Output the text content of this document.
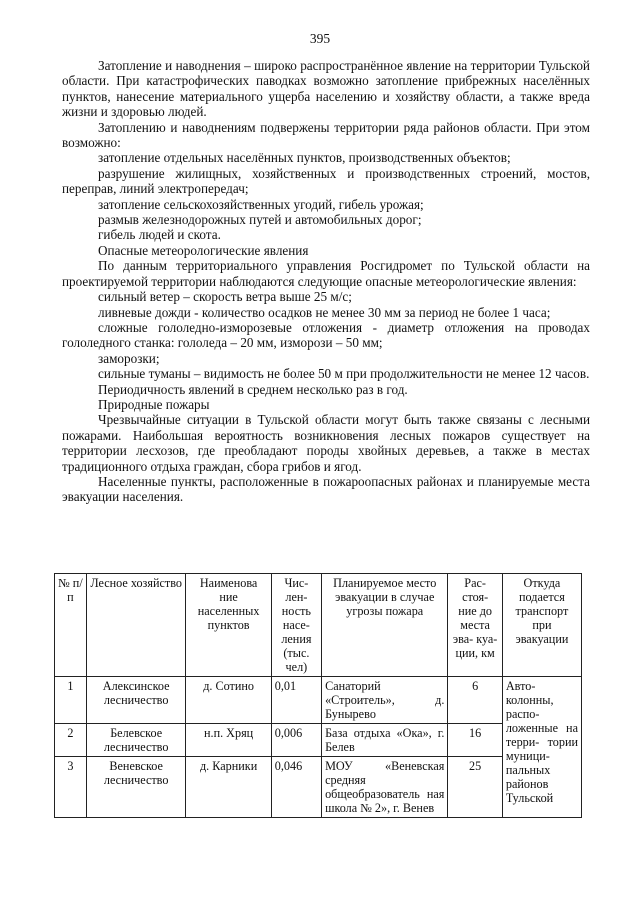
395

Затопление и наводнения – широко распространённое явление на территории Тульской области. При катастрофических паводках возможно затопление прибрежных населённых пунктов, нанесение материального ущерба населению и хозяйству области, а также вреда жизни и здоровью людей.

Затоплению и наводнениям подвержены территории ряда районов области. При этом возможно:

затопление отдельных населённых пунктов, производственных объектов;

разрушение жилищных, хозяйственных и производственных строений, мостов, переправ, линий электропередач;

затопление сельскохозяйственных угодий, гибель урожая;

размыв железнодорожных путей и автомобильных дорог;

гибель людей и скота.

Опасные метеорологические явления

По данным территориального управления Росгидромет по Тульской области на проектируемой территории наблюдаются следующие опасные метеорологические явления:

сильный ветер – скорость ветра выше 25 м/с;

ливневые дожди - количество осадков не менее 30 мм за период не более 1 часа;

сложные гололедно-изморозевые отложения - диаметр отложения на проводах гололедного станка: гололеда – 20 мм, изморози – 50 мм;

заморозки;

сильные туманы – видимость не более 50 м при продолжительности не менее 12 часов.

Периодичность явлений в среднем несколько раз в год.

Природные пожары

Чрезвычайные ситуации в Тульской области могут быть также связаны с лесными пожарами. Наибольшая вероятность возникновения лесных пожаров существует на территории лесхозов, где преобладают породы хвойных деревьев, а также в местах традиционного отдыха граждан, сбора грибов и ягод.

Населенные пункты, расположенные в пожароопасных районах и планируемые места эвакуации населения.

№ п/п	Лесное хозяйство	Наименова ние населенных пунктов	Чис- лен- ность насе- ления (тыс. чел)	Планируемое место эвакуации в случае угрозы пожара	Рас- стоя- ние до места эва- куа- ции, км	Откуда подается транспорт при эвакуации
1	Алексинское лесничество	д. Сотино	0,01	Санаторий «Строитель», д. Буныревo	6	Авто- колонны, распо- ложенные на терри- тории муници- пальных районов Тульской
2	Белевское лесничество	н.п. Хряц	0,006	База отдыха «Ока», г. Белев	16	
3	Веневское лесничество	д. Карники	0,046	МОУ «Веневская средняя общеобразователь ная школа № 2», г. Венев	25	
